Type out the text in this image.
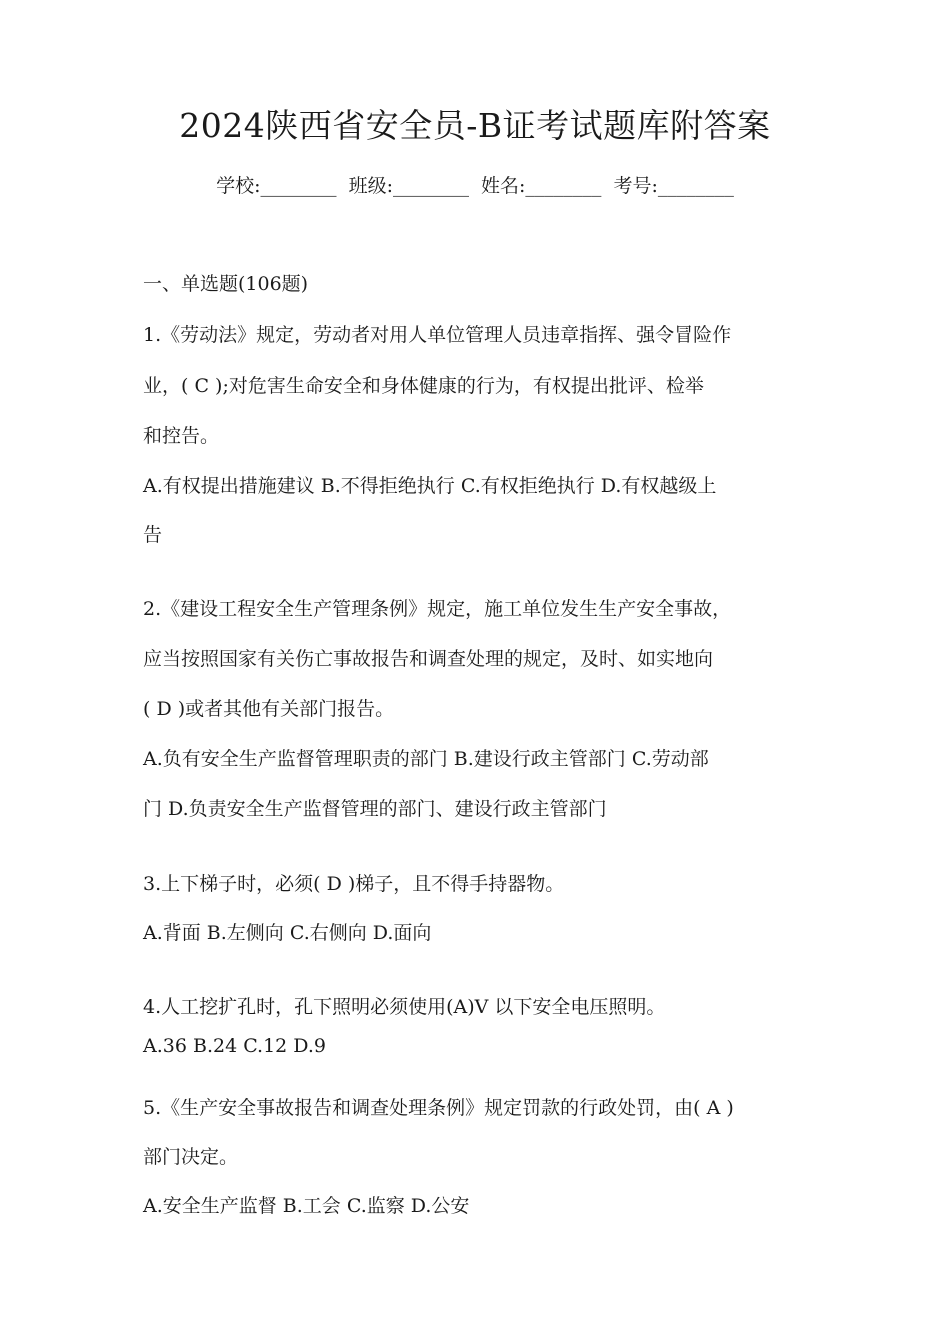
2024陕西省安全员-B证考试题库附答案
学校:________ 班级:________ 姓名:________ 考号:________
一、单选题(106题)
1.《劳动法》规定，劳动者对用人单位管理人员违章指挥、强令冒险作
业，( C );对危害生命安全和身体健康的行为，有权提出批评、检举
和控告。
A.有权提出措施建议 B.不得拒绝执行 C.有权拒绝执行 D.有权越级上
告
2.《建设工程安全生产管理条例》规定，施工单位发生生产安全事故，
应当按照国家有关伤亡事故报告和调查处理的规定，及时、如实地向
( D )或者其他有关部门报告。
A.负有安全生产监督管理职责的部门 B.建设行政主管部门 C.劳动部
门 D.负责安全生产监督管理的部门、建设行政主管部门
3.上下梯子时，必须( D )梯子，且不得手持器物。
A.背面 B.左侧向 C.右侧向 D.面向
4.人工挖扩孔时，孔下照明必须使用(A)V 以下安全电压照明。
A.36 B.24 C.12 D.9
5.《生产安全事故报告和调查处理条例》规定罚款的行政处罚，由( A )
部门决定。
A.安全生产监督 B.工会 C.监察 D.公安
